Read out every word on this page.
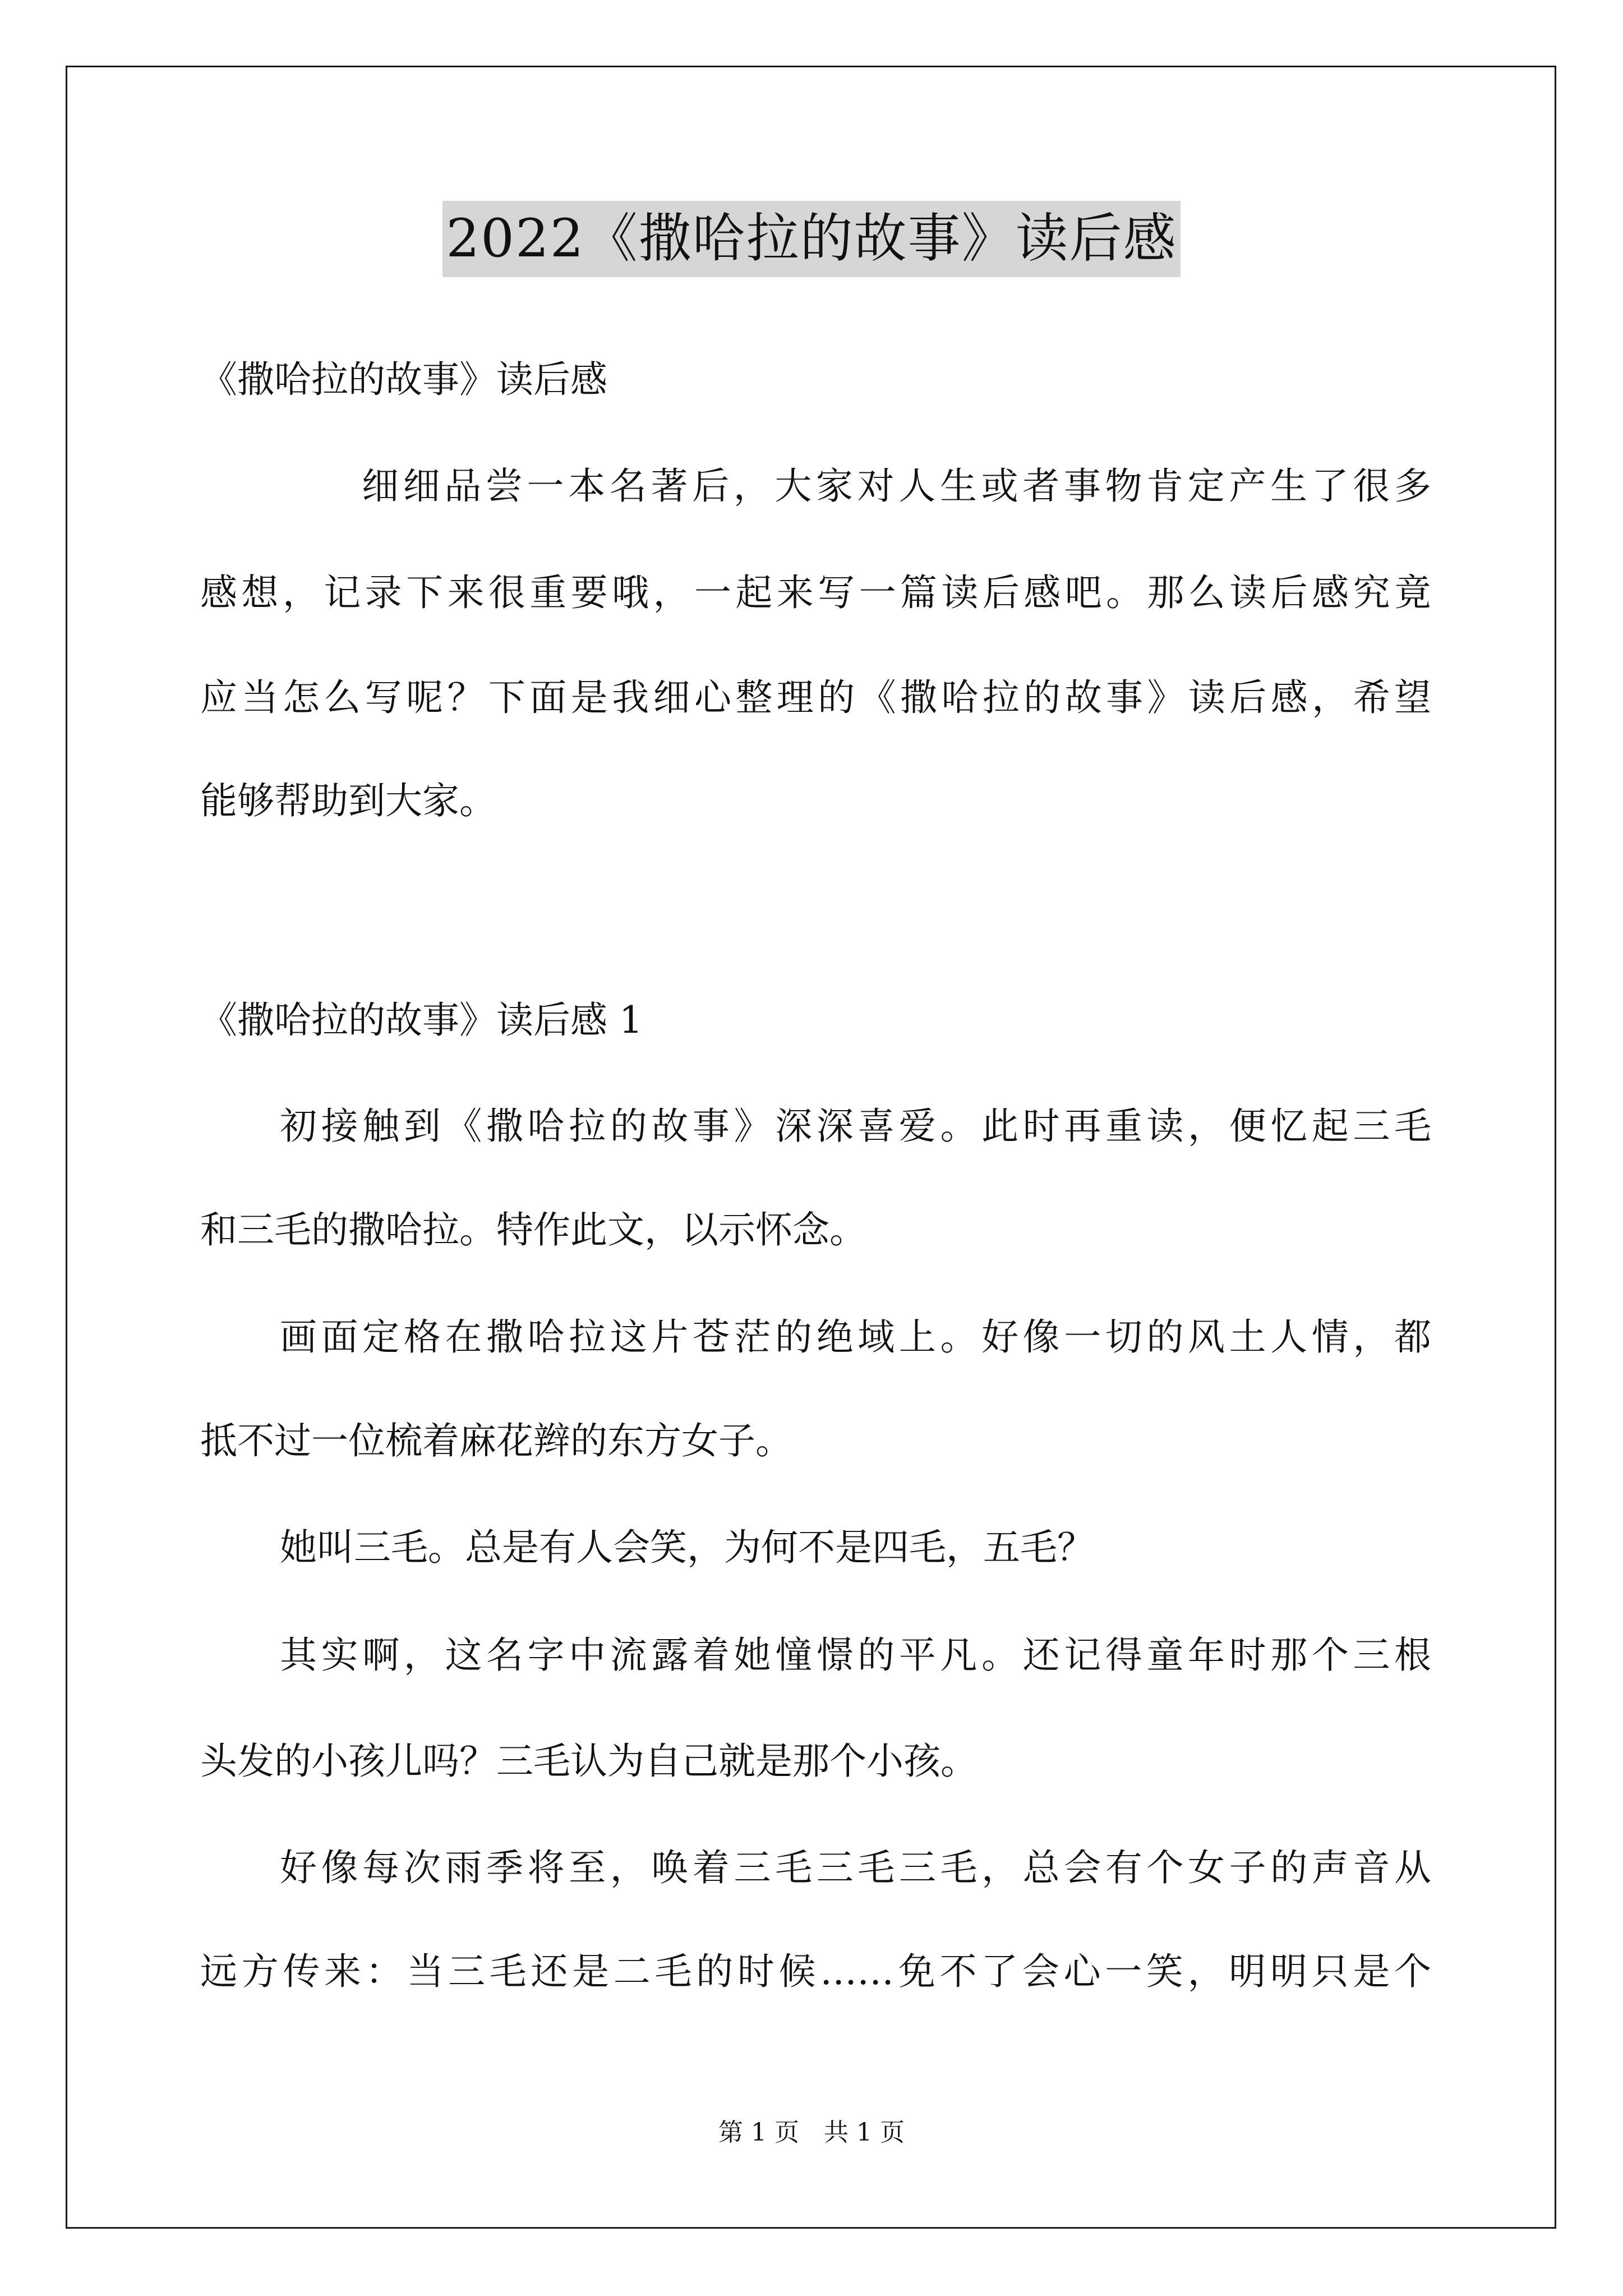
2022《撒哈拉的故事》读后感
《撒哈拉的故事》读后感
细细品尝一本名著后，大家对人生或者事物肯定产生了很多
感想，记录下来很重要哦，一起来写一篇读后感吧。那么读后感究竟
应当怎么写呢？下面是我细心整理的《撒哈拉的故事》读后感，希望
能够帮助到大家。
《撒哈拉的故事》读后感 1
初接触到《撒哈拉的故事》深深喜爱。此时再重读，便忆起三毛
和三毛的撒哈拉。特作此文，以示怀念。
画面定格在撒哈拉这片苍茫的绝域上。好像一切的风土人情，都
抵不过一位梳着麻花辫的东方女子。
她叫三毛。总是有人会笑，为何不是四毛，五毛？
其实啊，这名字中流露着她憧憬的平凡。还记得童年时那个三根
头发的小孩儿吗？三毛认为自己就是那个小孩。
好像每次雨季将至，唤着三毛三毛三毛，总会有个女子的声音从
远方传来：当三毛还是二毛的时候……免不了会心一笑，明明只是个
第 1 页　共 1 页
